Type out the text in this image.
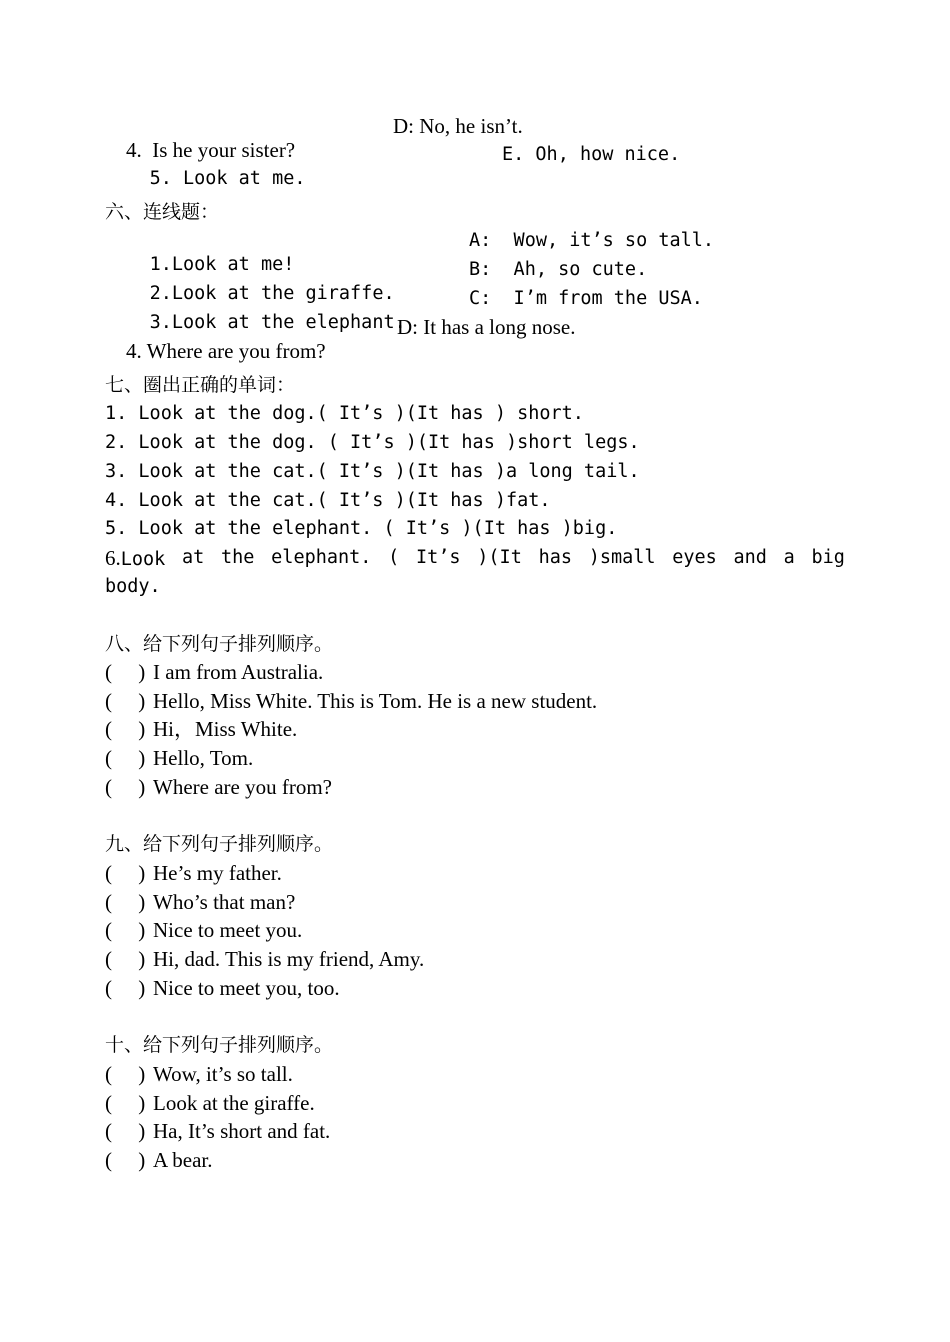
4. Is he your sister?

D: No, he isn’t.

5. Look at me.

E. Oh, how nice.

六、连线题：

1.Look at me!

A:  Wow, it’s so tall.

2.Look at the giraffe.

B:  Ah, so cute.

3.Look at the elephant.

C:  I’m from the USA.

4. Where are you from?

D: It has a long nose.

七、圈出正确的单词：
1. Look at the dog.( It’s )(It has ) short.
2. Look at the dog. ( It’s )(It has )short legs.
3. Look at the cat.( It’s )(It has )a long tail.
4. Look at the cat.( It’s )(It has )fat.
5. Look at the elephant. ( It’s )(It has )big.
6.Look at the elephant. ( It’s )(It has )small eyes and a big
body.
八、给下列句子排列顺序。
(     ) I am from Australia.
(     ) Hello, Miss White. This is Tom. He is a new student.
(     ) Hi，Miss White.
(     ) Hello, Tom.
(     ) Where are you from?
九、给下列句子排列顺序。
(     ) He’s my father.
(     ) Who’s that man?
(     ) Nice to meet you.
(     ) Hi, dad. This is my friend, Amy.
(     ) Nice to meet you, too.
十、给下列句子排列顺序。
(     ) Wow, it’s so tall.
(     ) Look at the giraffe.
(     ) Ha, It’s short and fat.
(     ) A bear.
